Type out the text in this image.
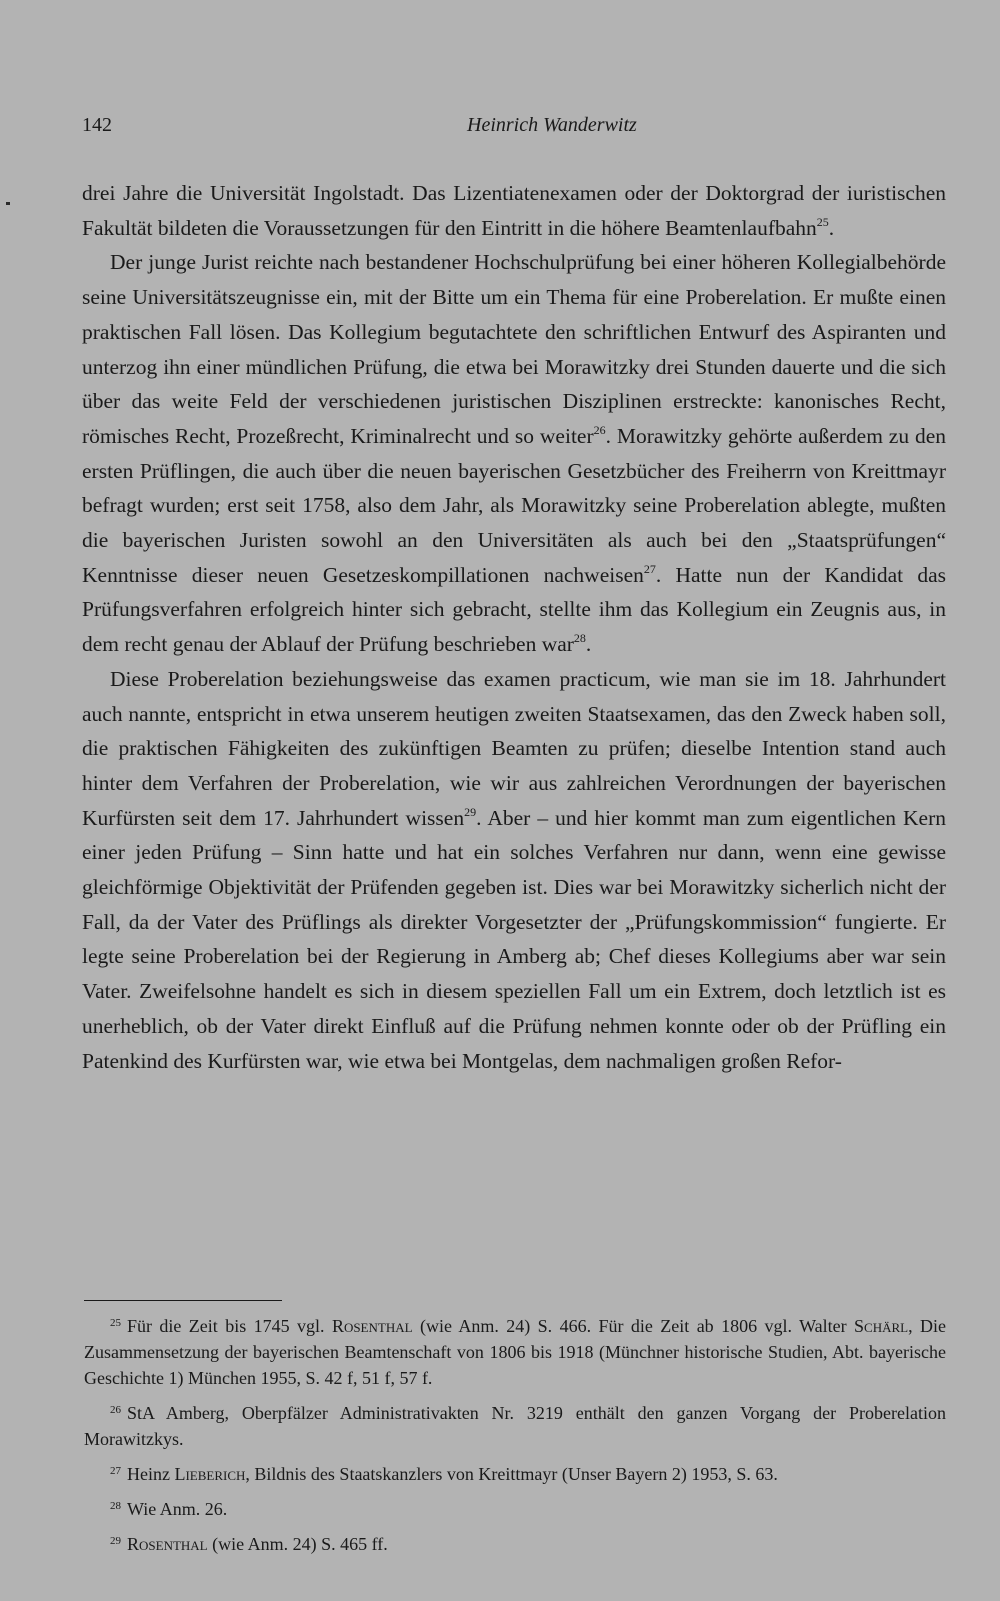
142	Heinrich Wanderwitz

drei Jahre die Universität Ingolstadt. Das Lizentiatenexamen oder der Doktorgrad der iuristischen Fakultät bildeten die Voraussetzungen für den Eintritt in die höhere Beamtenlaufbahn$^{25}$.

Der junge Jurist reichte nach bestandener Hochschulprüfung bei einer höheren Kollegialbehörde seine Universitätszeugnisse ein, mit der Bitte um ein Thema für eine Proberelation. Er mußte einen praktischen Fall lösen. Das Kollegium begutachtete den schriftlichen Entwurf des Aspiranten und unterzog ihn einer mündlichen Prüfung, die etwa bei Morawitzky drei Stunden dauerte und die sich über das weite Feld der verschiedenen juristischen Disziplinen erstreckte: kanonisches Recht, römisches Recht, Prozeßrecht, Kriminalrecht und so weiter$^{26}$. Morawitzky gehörte außerdem zu den ersten Prüflingen, die auch über die neuen bayerischen Gesetzbücher des Freiherrn von Kreittmayr befragt wurden; erst seit 1758, also dem Jahr, als Morawitzky seine Proberelation ablegte, mußten die bayerischen Juristen sowohl an den Universitäten als auch bei den „Staatsprüfungen“ Kenntnisse dieser neuen Gesetzeskompillationen nachweisen$^{27}$. Hatte nun der Kandidat das Prüfungsverfahren erfolgreich hinter sich gebracht, stellte ihm das Kollegium ein Zeugnis aus, in dem recht genau der Ablauf der Prüfung beschrieben war$^{28}$.

Diese Proberelation beziehungsweise das examen practicum, wie man sie im 18. Jahrhundert auch nannte, entspricht in etwa unserem heutigen zweiten Staatsexamen, das den Zweck haben soll, die praktischen Fähigkeiten des zukünftigen Beamten zu prüfen; dieselbe Intention stand auch hinter dem Verfahren der Proberelation, wie wir aus zahlreichen Verordnungen der bayerischen Kurfürsten seit dem 17. Jahrhundert wissen$^{29}$. Aber – und hier kommt man zum eigentlichen Kern einer jeden Prüfung – Sinn hatte und hat ein solches Verfahren nur dann, wenn eine gewisse gleichförmige Objektivität der Prüfenden gegeben ist. Dies war bei Morawitzky sicherlich nicht der Fall, da der Vater des Prüflings als direkter Vorgesetzter der „Prüfungskommission“ fungierte. Er legte seine Proberelation bei der Regierung in Amberg ab; Chef dieses Kollegiums aber war sein Vater. Zweifelsohne handelt es sich in diesem speziellen Fall um ein Extrem, doch letztlich ist es unerheblich, ob der Vater direkt Einfluß auf die Prüfung nehmen konnte oder ob der Prüfling ein Patenkind des Kurfürsten war, wie etwa bei Montgelas, dem nachmaligen großen Refor-

$^{25}$ Für die Zeit bis 1745 vgl. Rosenthal (wie Anm. 24) S. 466. Für die Zeit ab 1806 vgl. Walter Schärl, Die Zusammensetzung der bayerischen Beamtenschaft von 1806 bis 1918 (Münchner historische Studien, Abt. bayerische Geschichte 1) München 1955, S. 42 f, 51 f, 57 f.

$^{26}$ StA Amberg, Oberpfälzer Administrativakten Nr. 3219 enthält den ganzen Vorgang der Proberelation Morawitzkys.

$^{27}$ Heinz Lieberich, Bildnis des Staatskanzlers von Kreittmayr (Unser Bayern 2) 1953, S. 63.

$^{28}$ Wie Anm. 26.

$^{29}$ Rosenthal (wie Anm. 24) S. 465 ff.
